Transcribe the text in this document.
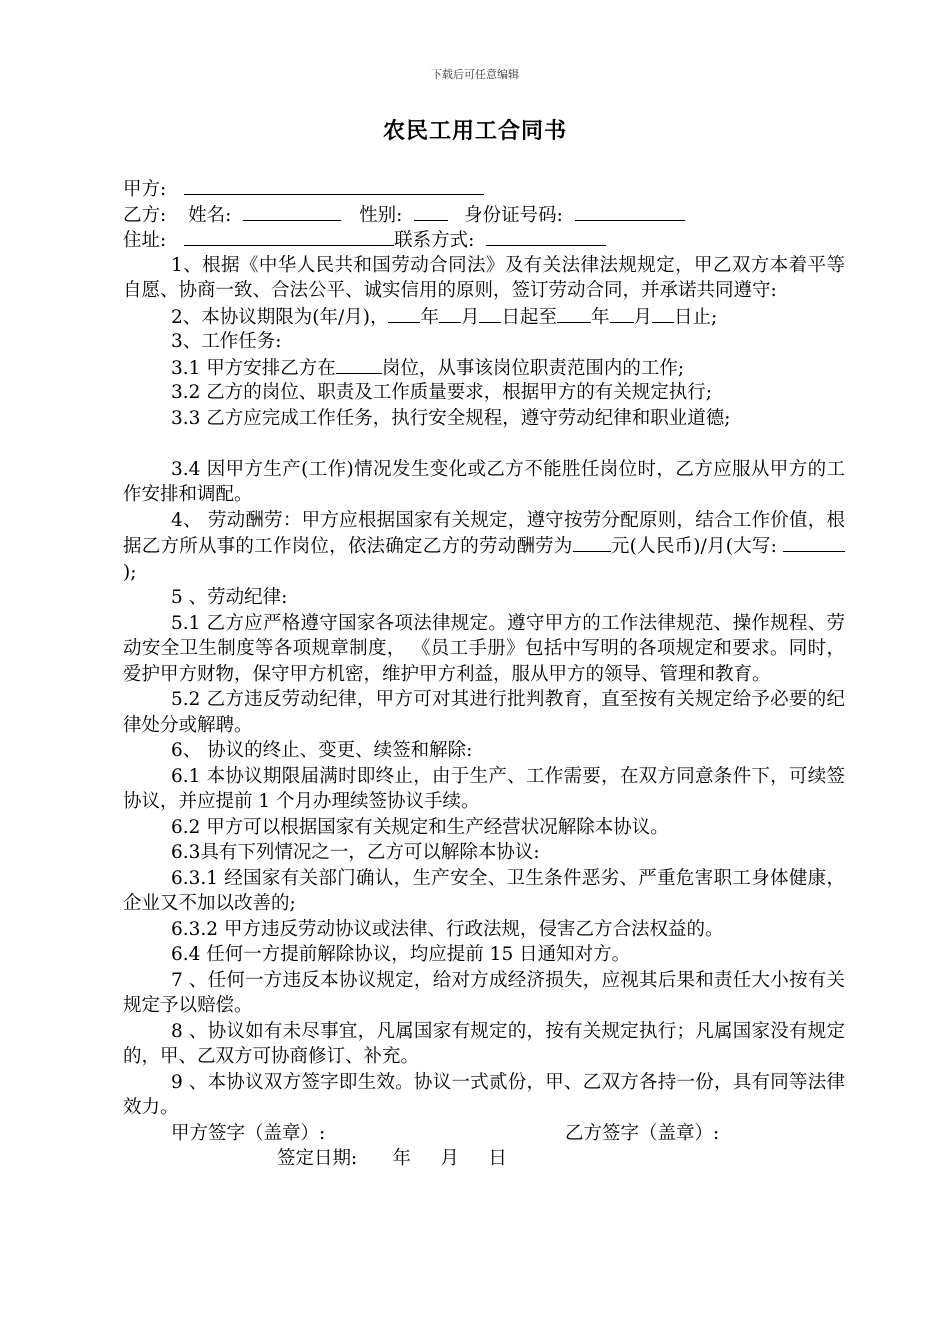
下载后可任意编辑
农民工用工合同书
甲方:
乙方: 姓名:	性别:	身份证号码:
住址:	联系方式:
1、根据《中华人民共和国劳动合同法》及有关法律法规规定，甲乙双方本着平等自愿、协商一致、合法公平、诚实信用的原则，签订劳动合同，并承诺共同遵守:
2、本协议期限为(年/月)， 年 月 日起至 年 月 日止;
3、工作任务:
3.1 甲方安排乙方在 岗位，从事该岗位职责范围内的工作;
3.2 乙方的岗位、职责及工作质量要求，根据甲方的有关规定执行;
3.3 乙方应完成工作任务，执行安全规程，遵守劳动纪律和职业道德;
3.4 因甲方生产(工作)情况发生变化或乙方不能胜任岗位时，乙方应服从甲方的工作安排和调配。
4、 劳动酬劳：甲方应根据国家有关规定，遵守按劳分配原则，结合工作价值，根据乙方所从事的工作岗位，依法确定乙方的劳动酬劳为 元(人民币)/月(大写: );
5 、劳动纪律:
5.1 乙方应严格遵守国家各项法律规定。遵守甲方的工作法律规范、操作规程、劳动安全卫生制度等各项规章制度， 《员工手册》包括中写明的各项规定和要求。同时，爱护甲方财物，保守甲方机密，维护甲方利益，服从甲方的领导、管理和教育。
5.2 乙方违反劳动纪律，甲方可对其进行批判教育，直至按有关规定给予必要的纪律处分或解聘。
6、 协议的终止、变更、续签和解除:
6.1 本协议期限届满时即终止，由于生产、工作需要，在双方同意条件下，可续签协议，并应提前 1 个月办理续签协议手续。
6.2 甲方可以根据国家有关规定和生产经营状况解除本协议。
6.3具有下列情况之一，乙方可以解除本协议:
6.3.1 经国家有关部门确认，生产安全、卫生条件恶劣、严重危害职工身体健康，企业又不加以改善的;
6.3.2 甲方违反劳动协议或法律、行政法规，侵害乙方合法权益的。
6.4 任何一方提前解除协议，均应提前 15 日通知对方。
7 、任何一方违反本协议规定，给对方成经济损失，应视其后果和责任大小按有关规定予以赔偿。
8 、协议如有未尽事宜，凡属国家有规定的，按有关规定执行；凡属国家没有规定的，甲、乙双方可协商修订、补充。
9 、本协议双方签字即生效。协议一式贰份，甲、乙双方各持一份，具有同等法律效力。
甲方签字（盖章）:	乙方签字（盖章）:
签定日期:      年     月     日
